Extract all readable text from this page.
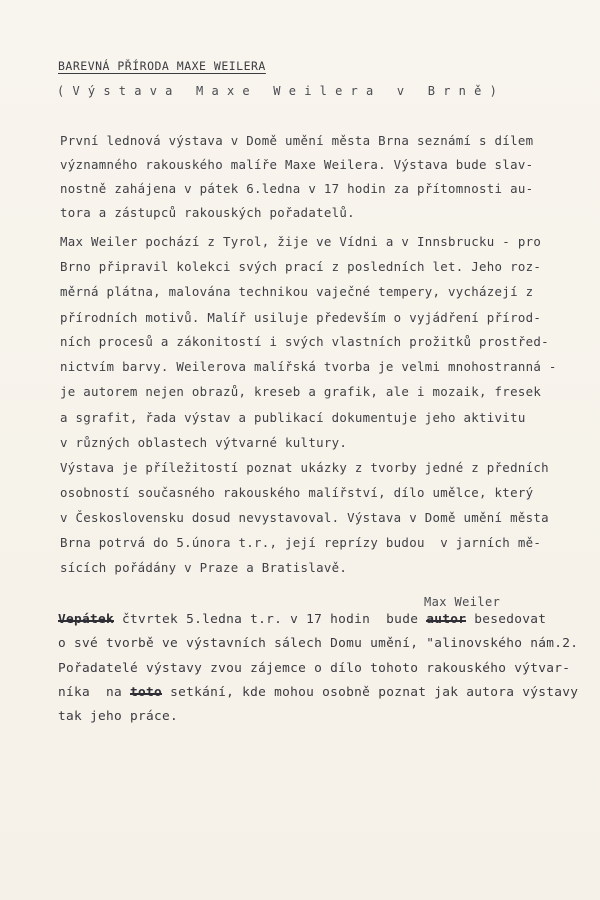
BAREVNÁ PŘÍRODA MAXE WEILERA
( V ý s t a v a   M a x e   W e i l e r a   v   B r n ě )
První lednová výstava v Domě umění města Brna seznámí s dílem
významného rakouského malíře Maxe Weilera. Výstava bude slav-
nostně zahájena v pátek 6.ledna v 17 hodin za přítomnosti au-
tora a zástupců rakouských pořadatelů.
Max Weiler pochází z Tyrol, žije ve Vídni a v Innsbrucku - pro
Brno připravil kolekci svých prací z posledních let. Jeho roz-
měrná plátna, malována technikou vaječné tempery, vycházejí z
přírodních motivů. Malíř usiluje především o vyjádření přírod-
ních procesů a zákonitostí i svých vlastních prožitků prostřed-
nictvím barvy. Weilerova malířská tvorba je velmi mnohostranná -
je autorem nejen obrazů, kreseb a grafik, ale i mozaik, fresek
a sgrafit, řada výstav a publikací dokumentuje jeho aktivitu
v různých oblastech výtvarné kultury.
Výstava je příležitostí poznat ukázky z tvorby jedné z předních
osobností současného rakouského malířství, dílo umělce, který
v Československu dosud nevystavoval. Výstava v Domě umění města
Brna potrvá do 5.února t.r., její reprízy budou  v jarních mě-
sících pořádány v Praze a Bratislavě.
Max Weiler
Vepátek čtvrtek 5.ledna t.r. v 17 hodin  bude autor besedovat
o své tvorbě ve výstavních sálech Domu umění, "alinovského nám.2.
Pořadatelé výstavy zvou zájemce o dílo tohoto rakouského výtvar-
níka  na toto setkání, kde mohou osobně poznat jak autora výstavy
tak jeho práce.
